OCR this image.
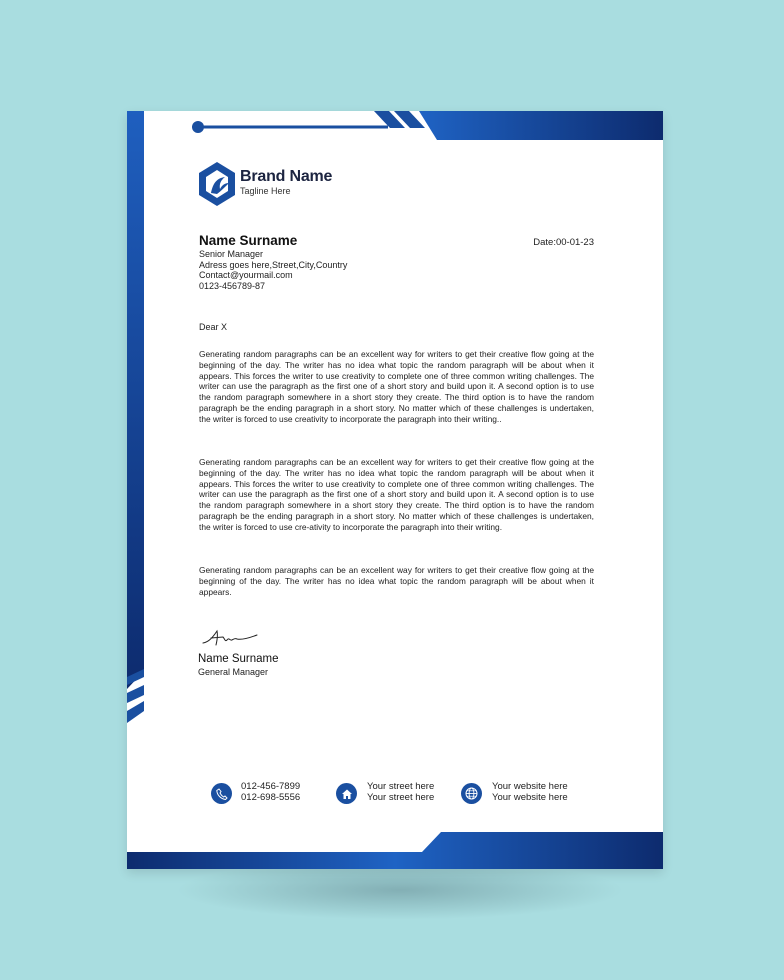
Brand Name
Tagline Here
Name Surname
Senior Manager
Adress goes here,Street,City,Country
Contact@yourmail.com
0123-456789-87
Date:00-01-23
Dear X

Generating random paragraphs can be an excellent way for writers to get their creative flow going at the beginning of the day. The writer has no idea what topic the random paragraph will be about when it appears. This forces the writer to use creativity to complete one of three common writing challenges. The writer can use the paragraph as the first one of a short story and build upon it. A second option is to use the random paragraph somewhere in a short story they create. The third option is to have the random paragraph be the ending paragraph in a short story. No matter which of these challenges is undertaken, the writer is forced to use creativity to incorporate the paragraph into their writing..

Generating random paragraphs can be an excellent way for writers to get their creative flow going at the beginning of the day. The writer has no idea what topic the random paragraph will be about when it appears. This forces the writer to use creativity to complete one of three common writing challenges. The writer can use the paragraph as the first one of a short story and build upon it. A second option is to use the random paragraph somewhere in a short story they create. The third option is to have the random paragraph be the ending paragraph in a short story. No matter which of these challenges is undertaken, the writer is forced to use cre-ativity to incorporate the paragraph into their writing.

Generating random paragraphs can be an excellent way for writers to get their creative flow going at the beginning of the day. The writer has no idea what topic the random paragraph will be about when it appears.

Name Surname
General Manager
012-456-7899
012-698-5556
Your street here
Your street here
Your website here
Your website here
